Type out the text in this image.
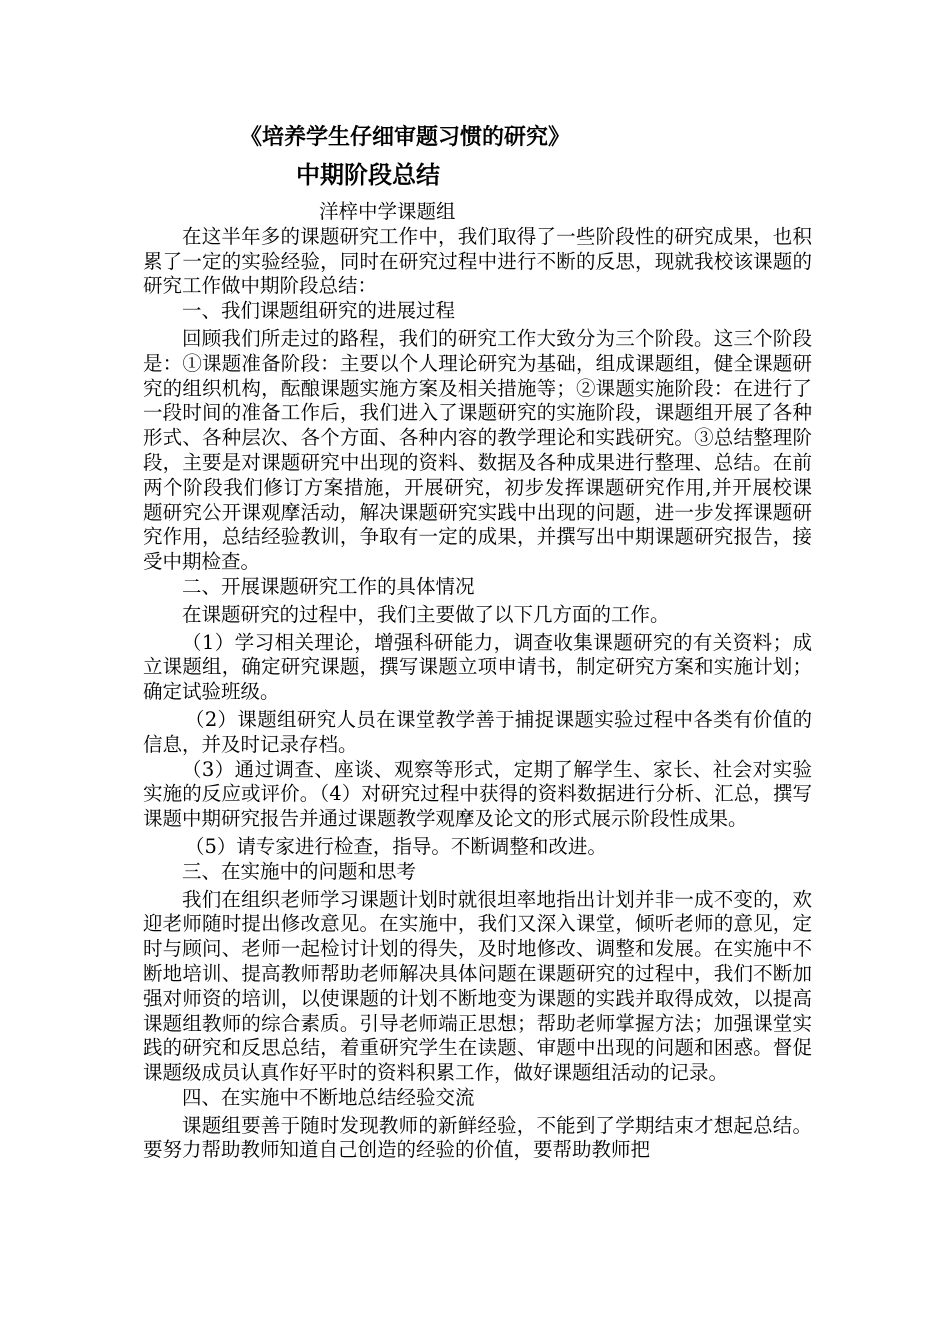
《培养学生仔细审题习惯的研究》
中期阶段总结

洋梓中学课题组

在这半年多的课题研究工作中，我们取得了一些阶段性的研究成果，也积累了一定的实验经验，同时在研究过程中进行不断的反思，现就我校该课题的研究工作做中期阶段总结：

一、我们课题组研究的进展过程

回顾我们所走过的路程，我们的研究工作大致分为三个阶段。这三个阶段是：①课题准备阶段：主要以个人理论研究为基础，组成课题组，健全课题研究的组织机构，酝酿课题实施方案及相关措施等；②课题实施阶段：在进行了一段时间的准备工作后，我们进入了课题研究的实施阶段，课题组开展了各种形式、各种层次、各个方面、各种内容的教学理论和实践研究。③总结整理阶段，主要是对课题研究中出现的资料、数据及各种成果进行整理、总结。在前两个阶段我们修订方案措施，开展研究，初步发挥课题研究作用,并开展校课题研究公开课观摩活动，解决课题研究实践中出现的问题，进一步发挥课题研究作用，总结经验教训，争取有一定的成果，并撰写出中期课题研究报告，接受中期检查。

二、开展课题研究工作的具体情况

在课题研究的过程中，我们主要做了以下几方面的工作。

（1）学习相关理论，增强科研能力，调查收集课题研究的有关资料；成立课题组，确定研究课题，撰写课题立项申请书，制定研究方案和实施计划；确定试验班级。

（2）课题组研究人员在课堂教学善于捕捉课题实验过程中各类有价值的信息，并及时记录存档。

（3）通过调查、座谈、观察等形式，定期了解学生、家长、社会对实验实施的反应或评价。（4）对研究过程中获得的资料数据进行分析、汇总，撰写课题中期研究报告并通过课题教学观摩及论文的形式展示阶段性成果。

（5）请专家进行检查，指导。不断调整和改进。

三、在实施中的问题和思考

我们在组织老师学习课题计划时就很坦率地指出计划并非一成不变的，欢迎老师随时提出修改意见。在实施中，我们又深入课堂，倾听老师的意见，定时与顾问、老师一起检讨计划的得失，及时地修改、调整和发展。在实施中不断地培训、提高教师帮助老师解决具体问题在课题研究的过程中，我们不断加强对师资的培训，以使课题的计划不断地变为课题的实践并取得成效，以提高课题组教师的综合素质。引导老师端正思想；帮助老师掌握方法；加强课堂实践的研究和反思总结，着重研究学生在读题、审题中出现的问题和困惑。督促课题级成员认真作好平时的资料积累工作，做好课题组活动的记录。

四、在实施中不断地总结经验交流

课题组要善于随时发现教师的新鲜经验，不能到了学期结束才想起总结。要努力帮助教师知道自己创造的经验的价值，要帮助教师把
